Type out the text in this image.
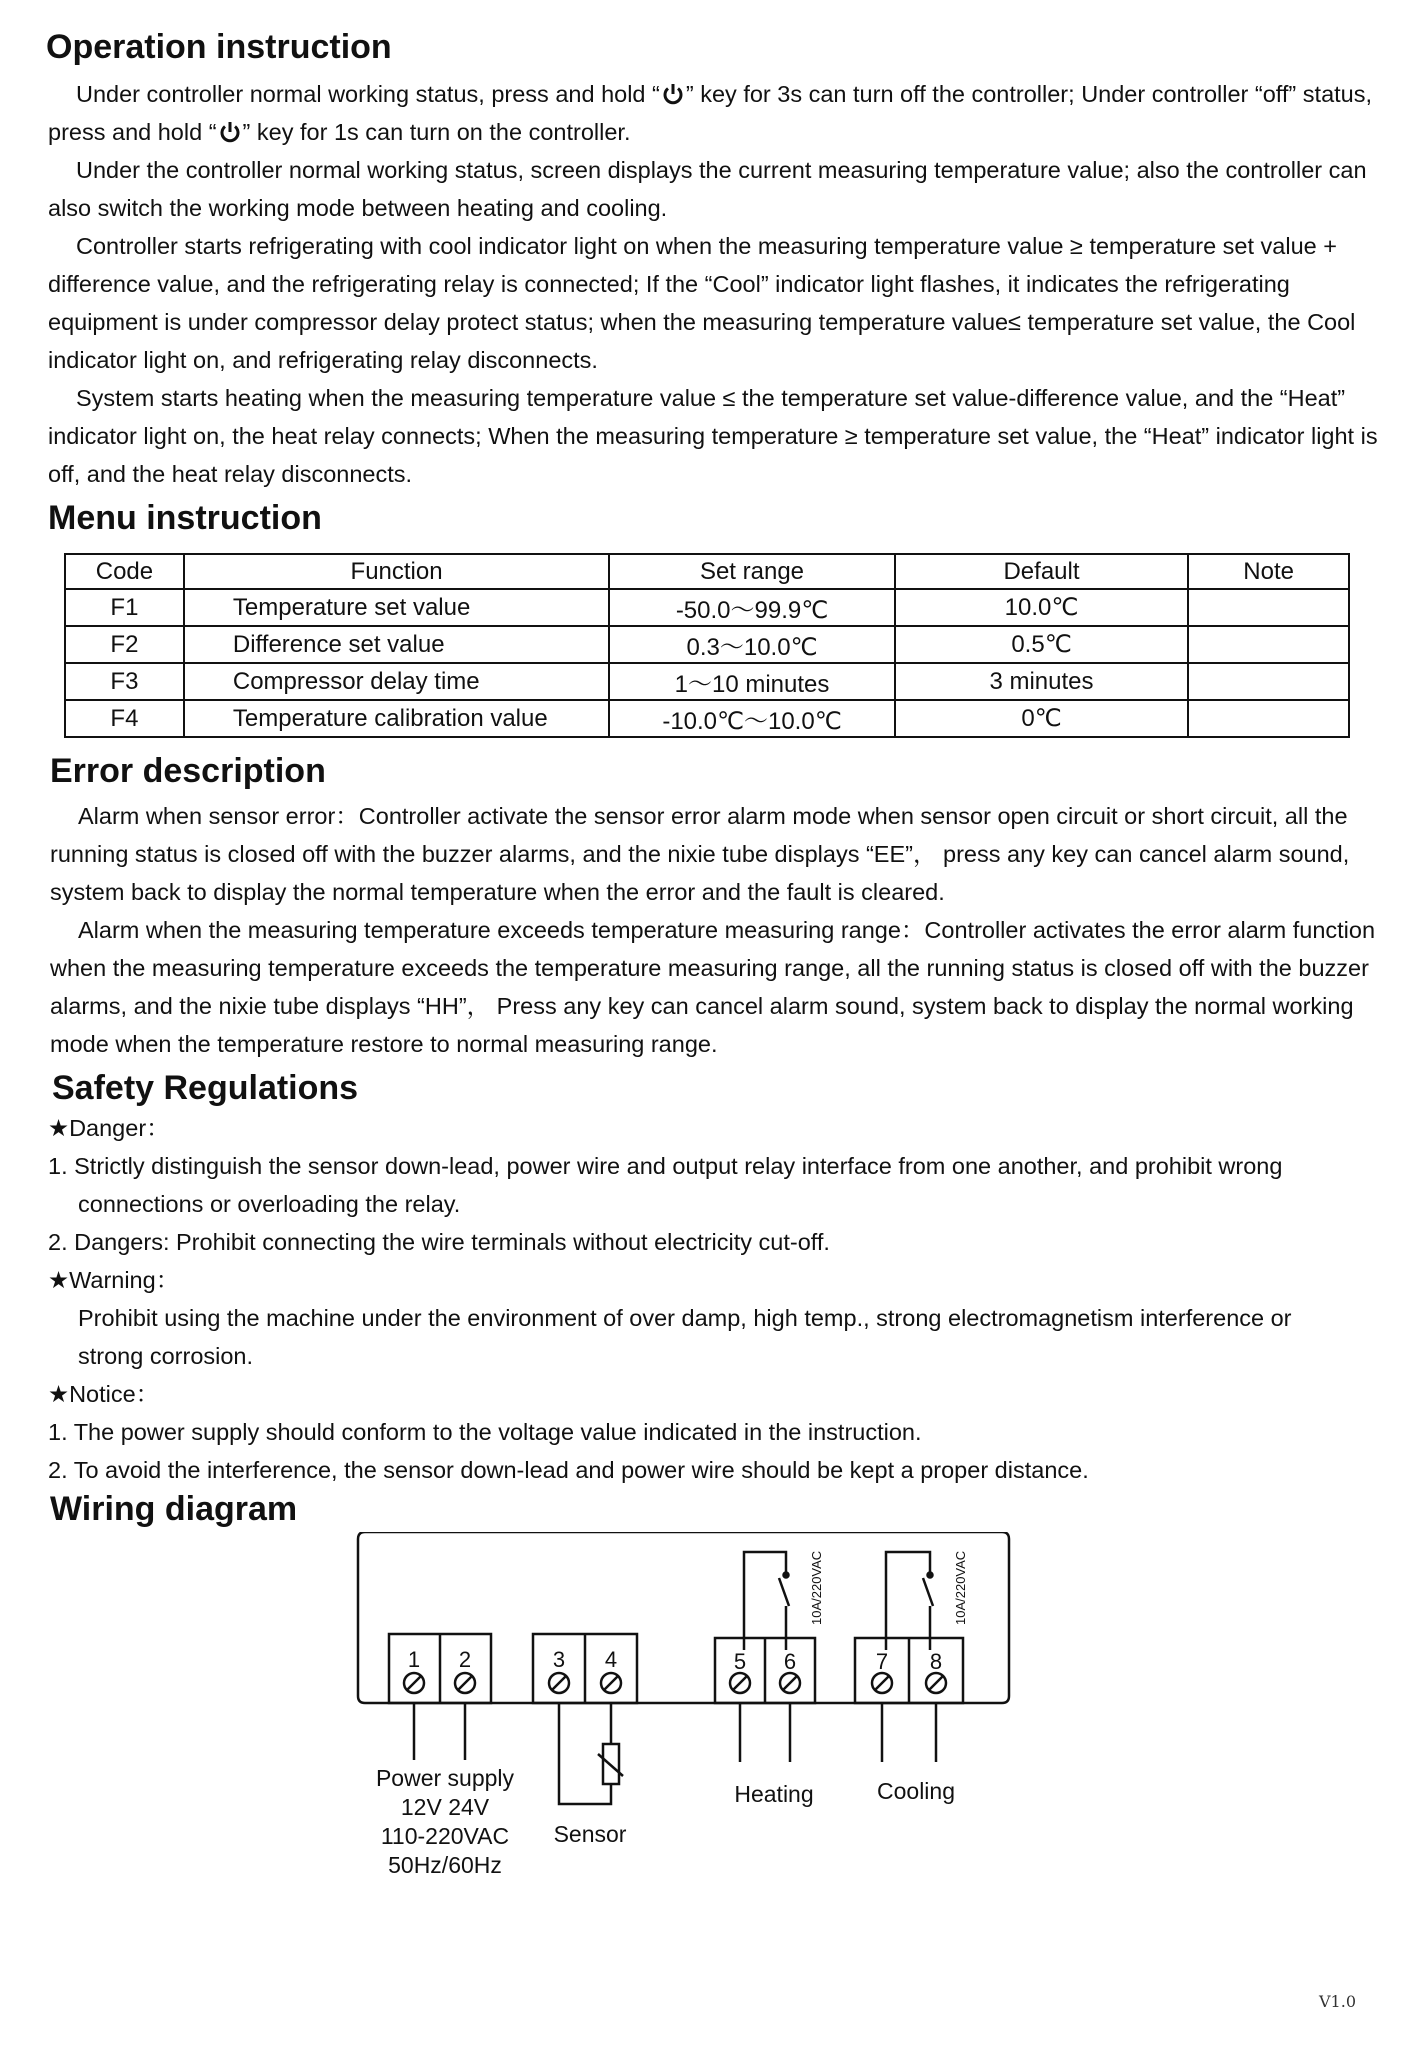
Operation instruction

Under controller normal working status, press and hold “ ” key for 3s can turn off the controller; Under controller “off” status, press and hold “ ” key for 1s can turn on the controller.

Under the controller normal working status, screen displays the current measuring temperature value; also the controller can also switch the working mode between heating and cooling.

Controller starts refrigerating with cool indicator light on when the measuring temperature value ≥ temperature set value + difference value, and the refrigerating relay is connected; If the “Cool” indicator light flashes, it indicates the refrigerating equipment is under compressor delay protect status; when the measuring temperature value≤ temperature set value, the Cool indicator light on, and refrigerating relay disconnects.

System starts heating when the measuring temperature value ≤ the temperature set value-difference value, and the “Heat” indicator light on, the heat relay connects; When the measuring temperature ≥ temperature set value, the “Heat” indicator light is off, and the heat relay disconnects.

Menu instruction
Code	Function	Set range	Default	Note
F1	Temperature set value	-50.0～99.9℃	10.0℃	
F2	Difference set value	0.3～10.0℃	0.5℃	
F3	Compressor delay time	1～10 minutes	3 minutes	
F4	Temperature calibration value	-10.0℃～10.0℃	0℃	
Error description

Alarm when sensor error：Controller activate the sensor error alarm mode when sensor open circuit or short circuit, all the running status is closed off with the buzzer alarms, and the nixie tube displays “EE”， press any key can cancel alarm sound, system back to display the normal temperature when the error and the fault is cleared.

Alarm when the measuring temperature exceeds temperature measuring range：Controller activates the error alarm function when the measuring temperature exceeds the temperature measuring range, all the running status is closed off with the buzzer alarms, and the nixie tube displays “HH”， Press any key can cancel alarm sound, system back to display the normal working mode when the temperature restore to normal measuring range.

Safety Regulations
★Danger：
1. Strictly distinguish the sensor down-lead, power wire and output relay interface from one another, and prohibit wrong
connections or overloading the relay.
2. Dangers: Prohibit connecting the wire terminals without electricity cut-off.
★Warning：
Prohibit using the machine under the environment of over damp, high temp., strong electromagnetism interference or
strong corrosion.
★Notice：
1. The power supply should conform to the voltage value indicated in the instruction.
2. To avoid the interference, the sensor down-lead and power wire should be kept a proper distance.
Wiring diagram
1 2	3 4	5 6	7 8
10A/220VAC	10A/220VAC
Power supply
12V 24V
110-220VAC
50Hz/60Hz
Sensor
Heating	Cooling
V1.0
